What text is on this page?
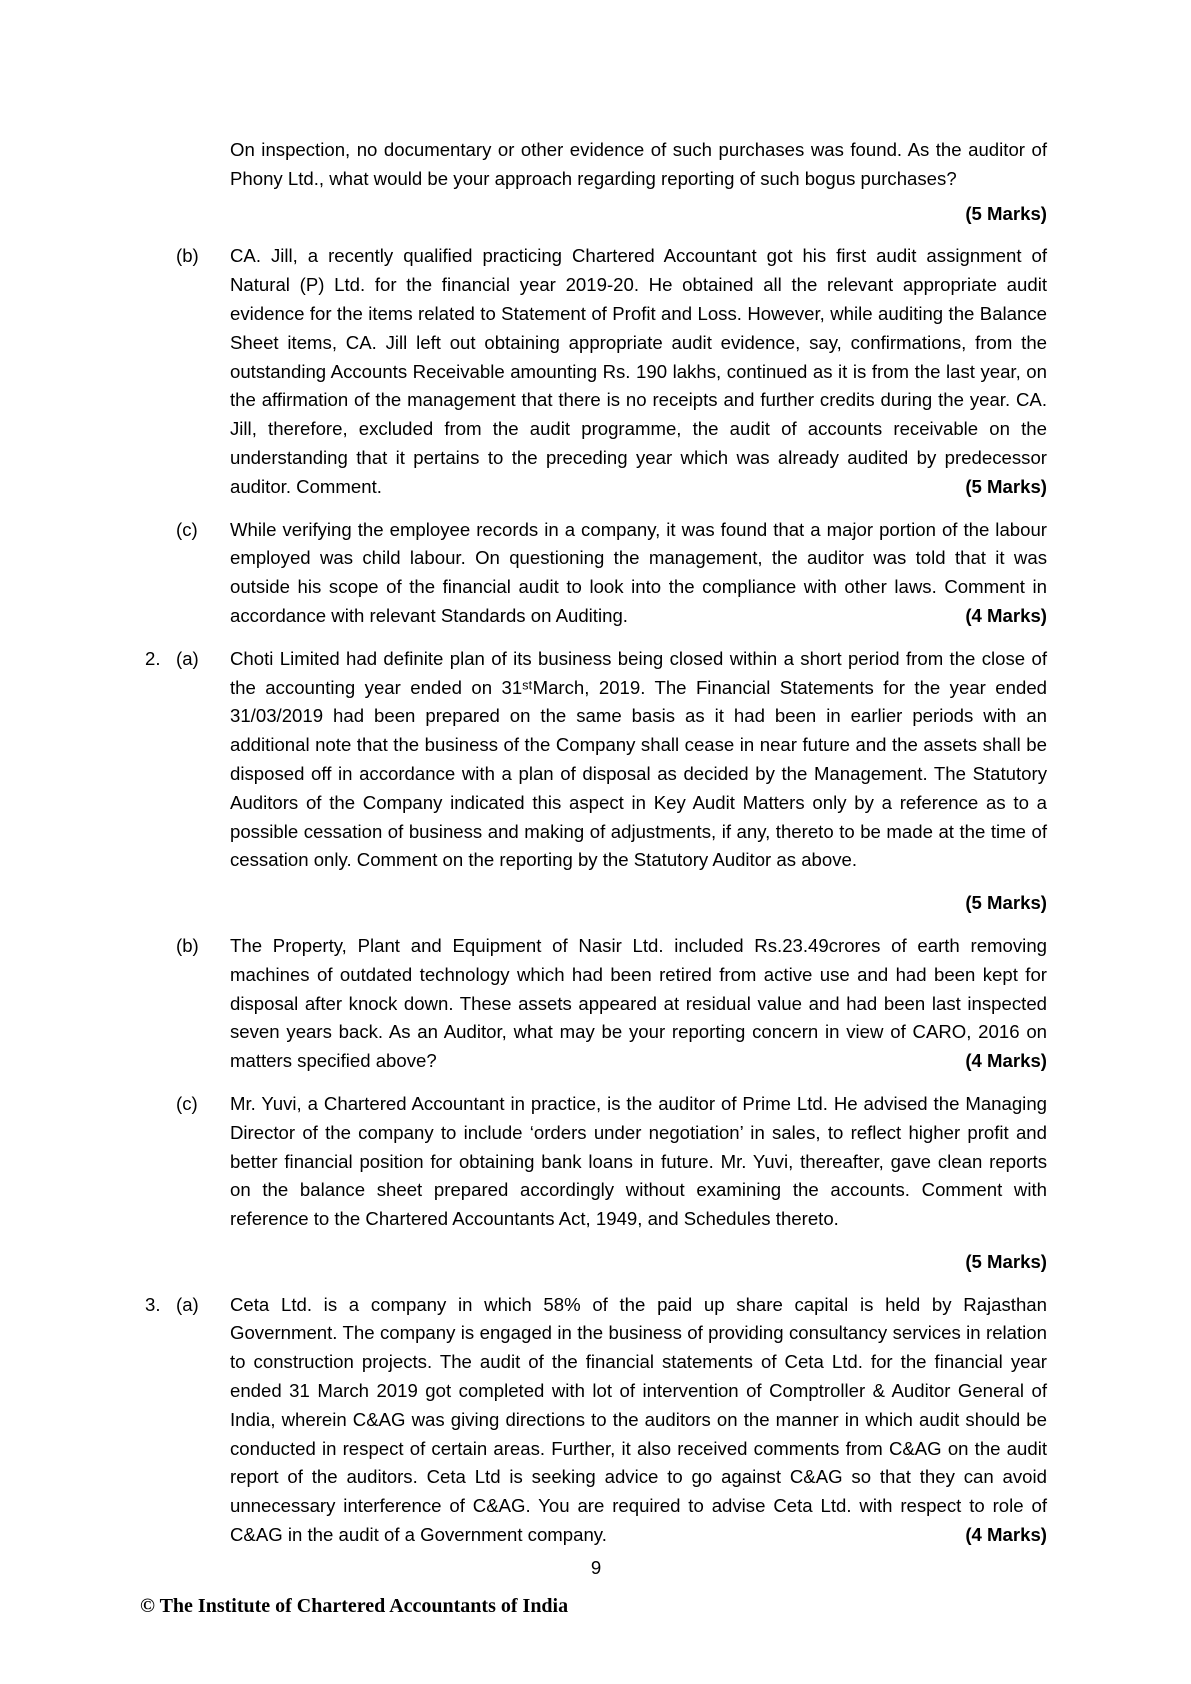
On inspection, no documentary or other evidence of such purchases was found. As the auditor of Phony Ltd., what would be your approach regarding reporting of such bogus purchases?
(5 Marks)
(b)	CA. Jill, a recently qualified practicing Chartered Accountant got his first audit assignment of Natural (P) Ltd. for the financial year 2019-20. He obtained all the relevant appropriate audit evidence for the items related to Statement of Profit and Loss. However, while auditing the Balance Sheet items, CA. Jill left out obtaining appropriate audit evidence, say, confirmations, from the outstanding Accounts Receivable amounting Rs. 190 lakhs, continued as it is from the last year, on the affirmation of the management that there is no receipts and further credits during the year. CA. Jill, therefore, excluded from the audit programme, the audit of accounts receivable on the understanding that it pertains to the preceding year which was already audited by predecessor auditor. Comment.	(5 Marks)
(c)	While verifying the employee records in a company, it was found that a major portion of the labour employed was child labour. On questioning the management, the auditor was told that it was outside his scope of the financial audit to look into the compliance with other laws. Comment in accordance with relevant Standards on Auditing.	(4 Marks)
2. (a)	Choti Limited had definite plan of its business being closed within a short period from the close of the accounting year ended on 31ˢᵗMarch, 2019. The Financial Statements for the year ended 31/03/2019 had been prepared on the same basis as it had been in earlier periods with an additional note that the business of the Company shall cease in near future and the assets shall be disposed off in accordance with a plan of disposal as decided by the Management. The Statutory Auditors of the Company indicated this aspect in Key Audit Matters only by a reference as to a possible cessation of business and making of adjustments, if any, thereto to be made at the time of cessation only. Comment on the reporting by the Statutory Auditor as above.
(5 Marks)
(b)	The Property, Plant and Equipment of Nasir Ltd. included Rs.23.49crores of earth removing machines of outdated technology which had been retired from active use and had been kept for disposal after knock down. These assets appeared at residual value and had been last inspected seven years back. As an Auditor, what may be your reporting concern in view of CARO, 2016 on matters specified above?	(4 Marks)
(c)	Mr. Yuvi, a Chartered Accountant in practice, is the auditor of Prime Ltd. He advised the Managing Director of the company to include ‘orders under negotiation’ in sales, to reflect higher profit and better financial position for obtaining bank loans in future. Mr. Yuvi, thereafter, gave clean reports on the balance sheet prepared accordingly without examining the accounts. Comment with reference to the Chartered Accountants Act, 1949, and Schedules thereto.
(5 Marks)
3. (a)	Ceta Ltd. is a company in which 58% of the paid up share capital is held by Rajasthan Government. The company is engaged in the business of providing consultancy services in relation to construction projects. The audit of the financial statements of Ceta Ltd. for the financial year ended 31 March 2019 got completed with lot of intervention of Comptroller & Auditor General of India, wherein C&AG was giving directions to the auditors on the manner in which audit should be conducted in respect of certain areas. Further, it also received comments from C&AG on the audit report of the auditors. Ceta Ltd is seeking advice to go against C&AG so that they can avoid unnecessary interference of C&AG. You are required to advise Ceta Ltd. with respect to role of C&AG in the audit of a Government company.	(4 Marks)
9
© The Institute of Chartered Accountants of India
